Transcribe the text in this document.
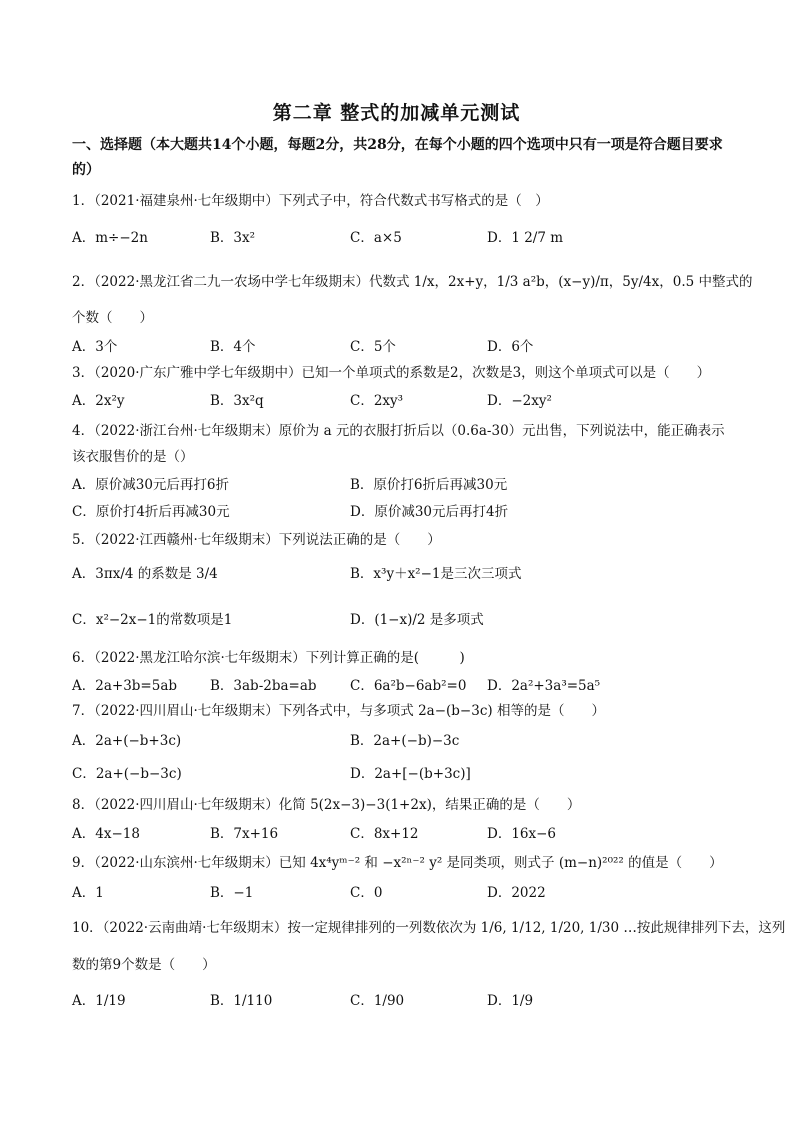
第二章 整式的加减单元测试
一、选择题（本大题共14个小题，每题2分，共28分，在每个小题的四个选项中只有一项是符合题目要求的）
1．（2021·福建泉州·七年级期中）下列式子中，符合代数式书写格式的是（　）
A．m÷−2n	B．3x²	C．a×5	D．1 2/7 m
2．（2022·黑龙江省二九一农场中学七年级期末）代数式 1/x，2x+y，1/3 a²b，(x−y)/π，5y/4x，0.5 中整式的
个数（　　）
A．3个	B．4个	C．5个	D．6个
3．（2020·广东广雅中学七年级期中）已知一个单项式的系数是2，次数是3，则这个单项式可以是（　　）
A．2x²y	B．3x²q	C．2xy³	D．−2xy²
4．（2022·浙江台州·七年级期末）原价为 a 元的衣服打折后以（0.6a-30）元出售，下列说法中，能正确表示
该衣服售价的是（）
A．原价减30元后再打6折	B．原价打6折后再减30元
C．原价打4折后再减30元	D．原价减30元后再打4折
5．（2022·江西赣州·七年级期末）下列说法正确的是（　　）
A．3πx/4 的系数是 3/4	B．x³y＋x²−1是三次三项式
C．x²−2x−1的常数项是1	D．(1−x)/2 是多项式
6．（2022·黑龙江哈尔滨·七年级期末）下列计算正确的是(　　　)
A．2a+3b=5ab B．3ab-2ba=ab C．6a²b−6ab²=0 D．2a²+3a³=5a⁵
7．（2022·四川眉山·七年级期末）下列各式中，与多项式 2a−(b−3c) 相等的是（　　）
A．2a+(−b+3c)	B．2a+(−b)−3c
C．2a+(−b−3c)	D．2a+[−(b+3c)]
8．（2022·四川眉山·七年级期末）化简 5(2x−3)−3(1+2x)，结果正确的是（　　）
A．4x−18	B．7x+16	C．8x+12	D．16x−6
9．（2022·山东滨州·七年级期末）已知 4x⁴yᵐ⁻² 和 −x²ⁿ⁻² y² 是同类项，则式子 (m−n)²⁰²² 的值是（　　）
A．1	B．−1	C．0	D．2022
10．（2022·云南曲靖·七年级期末）按一定规律排列的一列数依次为 1/6, 1/12, 1/20, 1/30 …按此规律排列下去，这列
数的第9个数是（　　）
A．1/19	B．1/110	C．1/90	D．1/9
